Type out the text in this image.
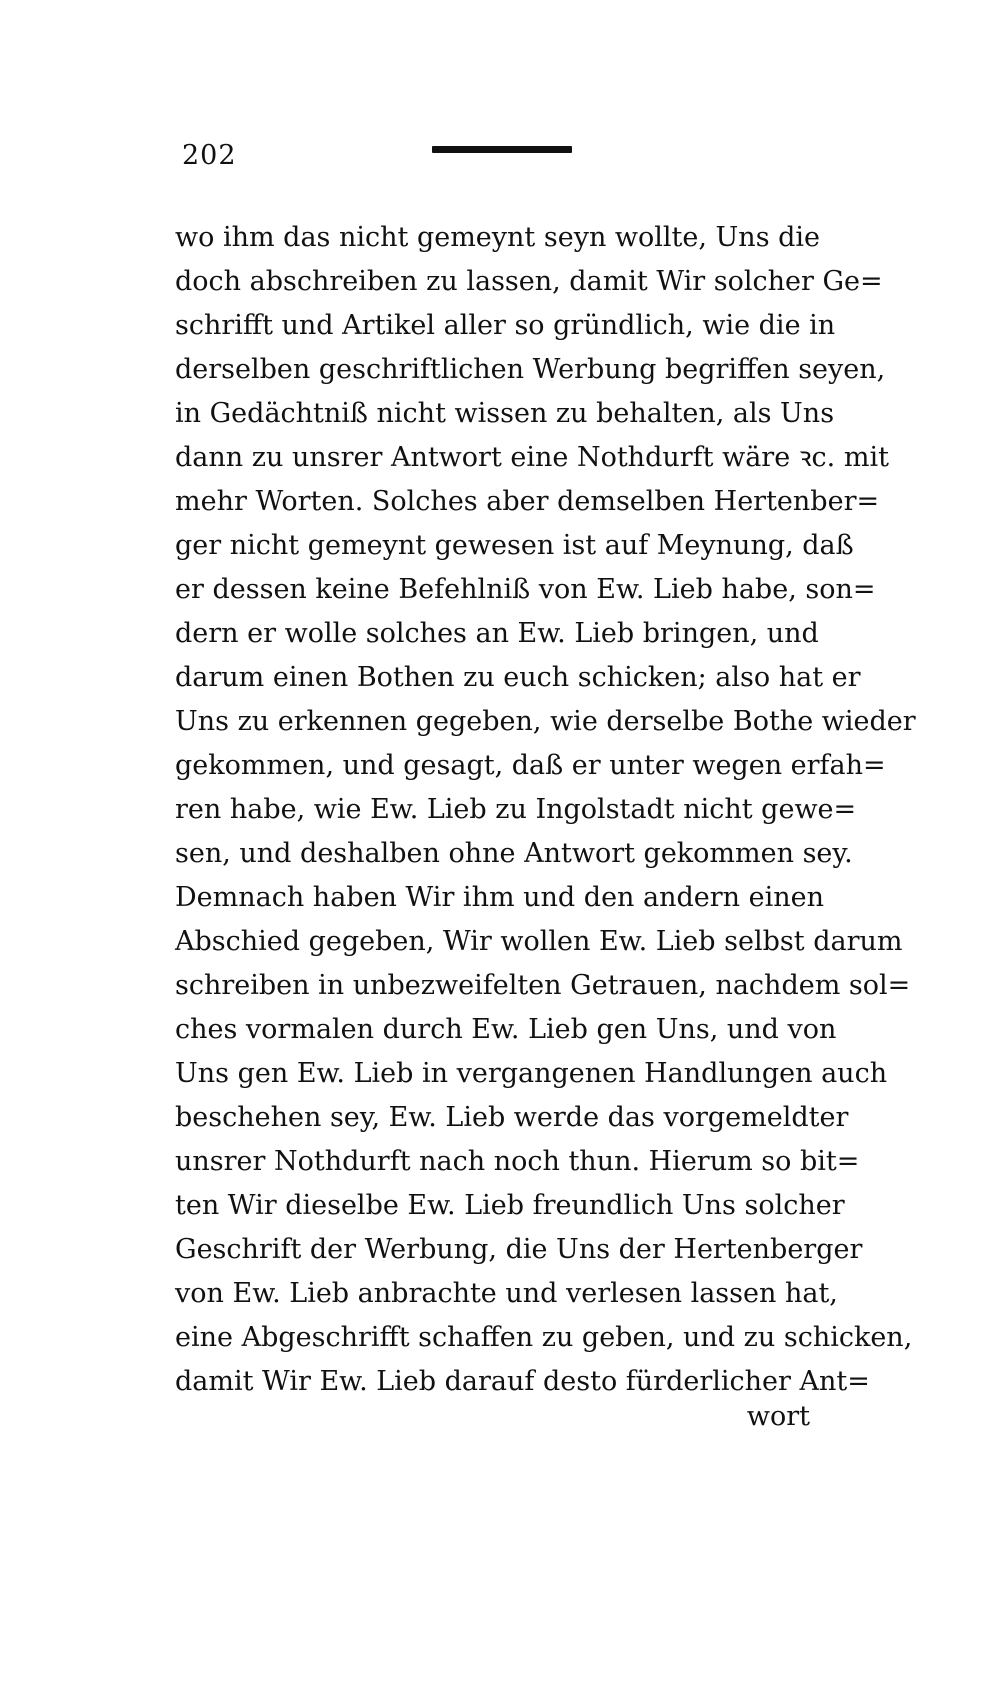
202
wo ihm das nicht gemeynt seyn wollte, Uns die
doch abschreiben zu lassen, damit Wir solcher Ge=
schrifft und Artikel aller so gründlich, wie die in
derselben geschriftlichen Werbung begriffen seyen,
in Gedächtniß nicht wissen zu behalten, als Uns
dann zu unsrer Antwort eine Nothdurft wäre ꝛc. mit
mehr Worten. Solches aber demselben Hertenber=
ger nicht gemeynt gewesen ist auf Meynung, daß
er dessen keine Befehlniß von Ew. Lieb habe, son=
dern er wolle solches an Ew. Lieb bringen, und
darum einen Bothen zu euch schicken; also hat er
Uns zu erkennen gegeben, wie derselbe Bothe wieder
gekommen, und gesagt, daß er unter wegen erfah=
ren habe, wie Ew. Lieb zu Ingolstadt nicht gewe=
sen, und deshalben ohne Antwort gekommen sey.
Demnach haben Wir ihm und den andern einen
Abschied gegeben, Wir wollen Ew. Lieb selbst darum
schreiben in unbezweifelten Getrauen, nachdem sol=
ches vormalen durch Ew. Lieb gen Uns, und von
Uns gen Ew. Lieb in vergangenen Handlungen auch
beschehen sey, Ew. Lieb werde das vorgemeldter
unsrer Nothdurft nach noch thun. Hierum so bit=
ten Wir dieselbe Ew. Lieb freundlich Uns solcher
Geschrift der Werbung, die Uns der Hertenberger
von Ew. Lieb anbrachte und verlesen lassen hat,
eine Abgeschrifft schaffen zu geben, und zu schicken,
damit Wir Ew. Lieb darauf desto fürderlicher Ant=
wort
